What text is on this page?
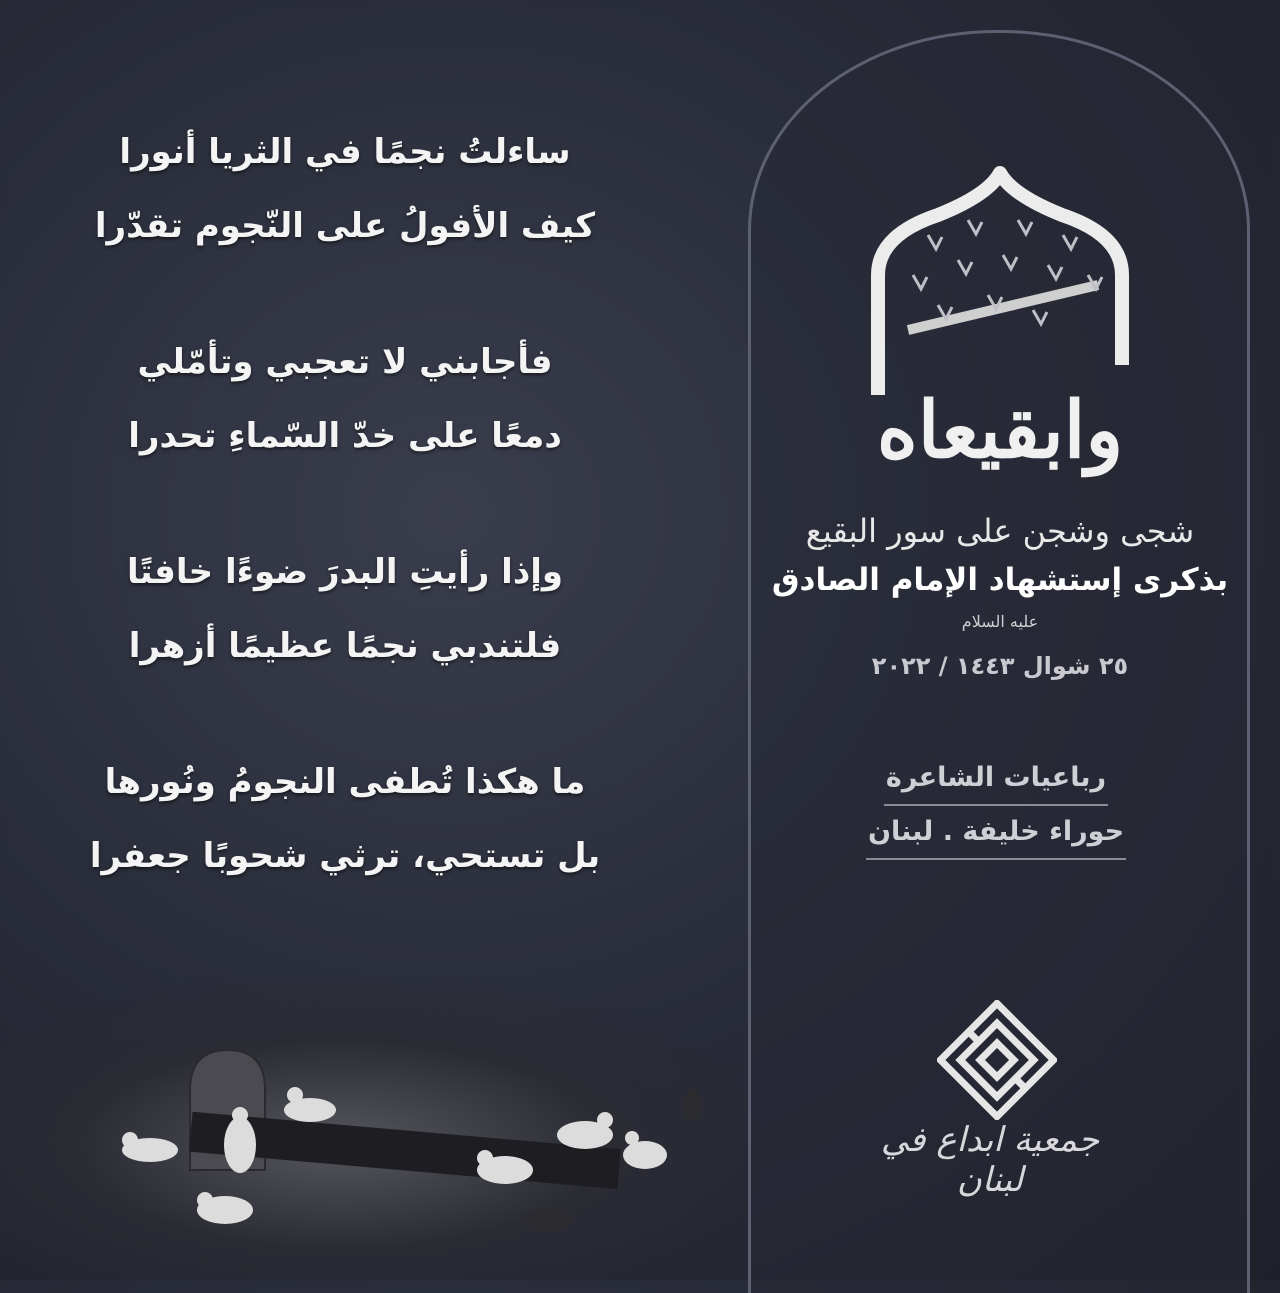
ساءلتُ نجمًا في الثريا أنورا
كيف الأفولُ على النّجوم تقدّرا
فأجابني لا تعجبي وتأمّلي
دمعًا على خدّ السّماءِ تحدرا
وإذا رأيتِ البدرَ ضوءًا خافتًا
فلتندبي نجمًا عظيمًا أزهرا
ما هكذا تُطفى النجومُ ونُورها
بل تستحي، ترثي شحوبًا جعفرا
وابقيعاه
شجى وشجن على سور البقيع
بذكرى إستشهاد الإمام الصادق
عليه السلام
٢٥ شوال ١٤٤٣ / ٢٠٢٢
رباعيات الشاعرة
حوراء خليفة . لبنان
جمعية ابداع في لبنان
